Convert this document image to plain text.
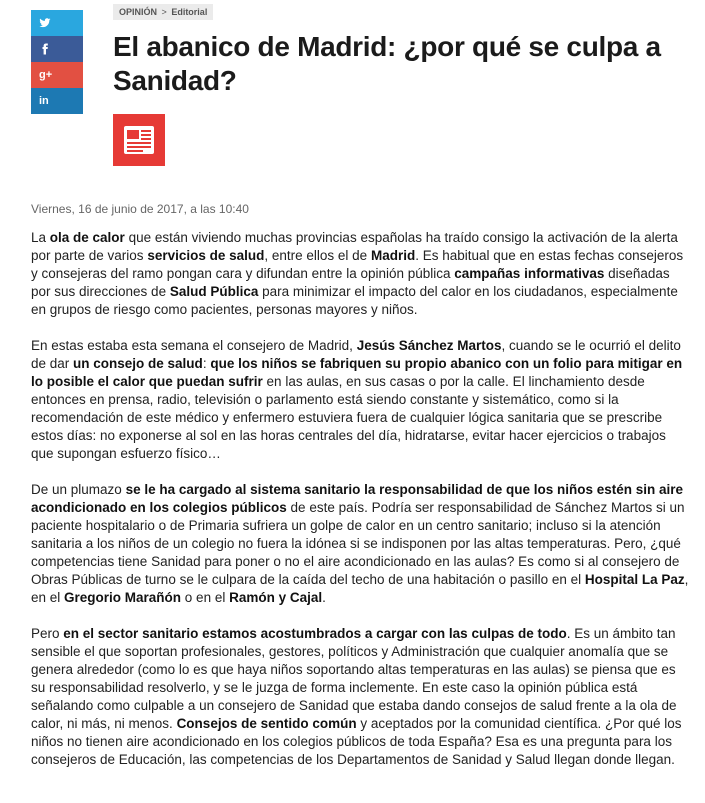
g+
in
OPINIÓN > Editorial
El abanico de Madrid: ¿por qué se culpa a Sanidad?
Viernes, 16 de junio de 2017, a las 10:40

La ola de calor que están viviendo muchas provincias españolas ha traído consigo la activación de la alerta por parte de varios servicios de salud, entre ellos el de Madrid. Es habitual que en estas fechas consejeros y consejeras del ramo pongan cara y difundan entre la opinión pública campañas informativas diseñadas por sus direcciones de Salud Pública para minimizar el impacto del calor en los ciudadanos, especialmente en grupos de riesgo como pacientes, personas mayores y niños.

En estas estaba esta semana el consejero de Madrid, Jesús Sánchez Martos, cuando se le ocurrió el delito de dar un consejo de salud: que los niños se fabriquen su propio abanico con un folio para mitigar en lo posible el calor que puedan sufrir en las aulas, en sus casas o por la calle. El linchamiento desde entonces en prensa, radio, televisión o parlamento está siendo constante y sistemático, como si la recomendación de este médico y enfermero estuviera fuera de cualquier lógica sanitaria que se prescribe estos días: no exponerse al sol en las horas centrales del día, hidratarse, evitar hacer ejercicios o trabajos que supongan esfuerzo físico…

De un plumazo se le ha cargado al sistema sanitario la responsabilidad de que los niños estén sin aire acondicionado en los colegios públicos de este país. Podría ser responsabilidad de Sánchez Martos si un paciente hospitalario o de Primaria sufriera un golpe de calor en un centro sanitario; incluso si la atención sanitaria a los niños de un colegio no fuera la idónea si se indisponen por las altas temperaturas. Pero, ¿qué competencias tiene Sanidad para poner o no el aire acondicionado en las aulas? Es como si al consejero de Obras Públicas de turno se le culpara de la caída del techo de una habitación o pasillo en el Hospital La Paz, en el Gregorio Marañón o en el Ramón y Cajal.

Pero en el sector sanitario estamos acostumbrados a cargar con las culpas de todo. Es un ámbito tan sensible el que soportan profesionales, gestores, políticos y Administración que cualquier anomalía que se genera alrededor (como lo es que haya niños soportando altas temperaturas en las aulas) se piensa que es su responsabilidad resolverlo, y se le juzga de forma inclemente. En este caso la opinión pública está señalando como culpable a un consejero de Sanidad que estaba dando consejos de salud frente a la ola de calor, ni más, ni menos. Consejos de sentido común y aceptados por la comunidad científica. ¿Por qué los niños no tienen aire acondicionado en los colegios públicos de toda España? Esa es una pregunta para los consejeros de Educación, las competencias de los Departamentos de Sanidad y Salud llegan donde llegan.
